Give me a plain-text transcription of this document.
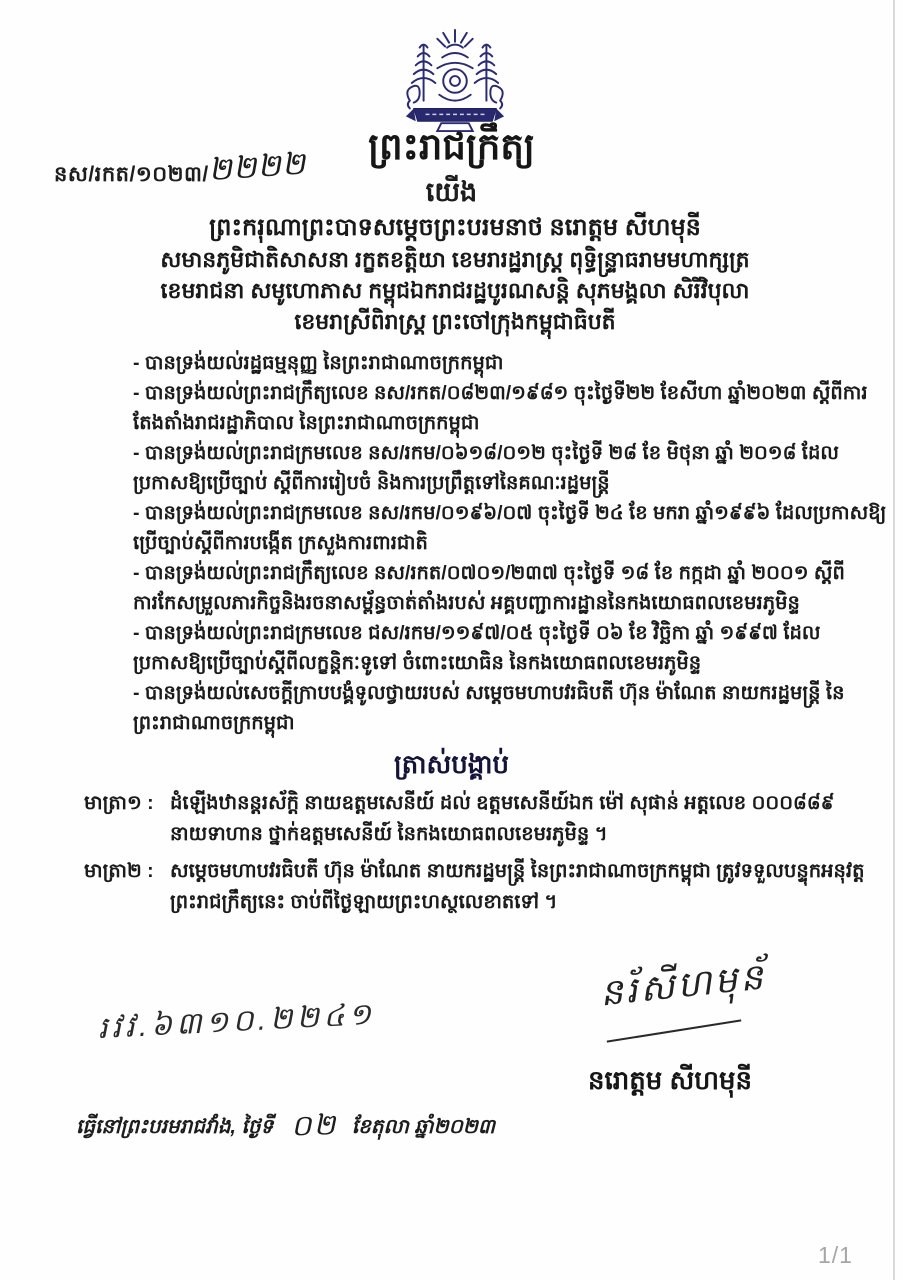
នស/រកត/១០២៣/២២២២	ព្រះរាជក្រឹត្យ
យើង
ព្រះករុណាព្រះបាទសម្តេចព្រះបរមនាថ នរោត្តម សីហមុនី
សមានភូមិជាតិសាសនា រក្ខតខត្តិយា ខេមរារដ្ឋរាស្ត្រ ពុទ្ធិន្ទ្រាធរាមមហាក្សត្រ
ខេមរាជនា សមូហោភាស កម្ពុជឯករាជរដ្ឋបូរណសន្តិ សុភមង្គលា សិរីវិបុលា
ខេមរាស្រីពិរាស្ត្រ ព្រះចៅក្រុងកម្ពុជាធិបតី
- បានទ្រង់យល់រដ្ឋធម្មនុញ្ញ នៃព្រះរាជាណាចក្រកម្ពុជា
- បានទ្រង់យល់ព្រះរាជក្រឹត្យលេខ នស/រកត/០៨២៣/១៩៨១ ចុះថ្ងៃទី២២ ខែសីហា ឆ្នាំ២០២៣ ស្តីពីការតែងតាំងរាជរដ្ឋាភិបាល នៃព្រះរាជាណាចក្រកម្ពុជា
- បានទ្រង់យល់ព្រះរាជក្រមលេខ នស/រកម/០៦១៨/០១២ ចុះថ្ងៃទី ២៨ ខែ មិថុនា ឆ្នាំ ២០១៨ ដែលប្រកាសឱ្យប្រើច្បាប់ ស្តីពីការរៀបចំ និងការប្រព្រឹត្តទៅនៃគណៈរដ្ឋមន្ត្រី
- បានទ្រង់យល់ព្រះរាជក្រមលេខ នស/រកម/០១៩៦/០៧ ចុះថ្ងៃទី ២៤ ខែ មករា ឆ្នាំ១៩៩៦ ដែលប្រកាសឱ្យប្រើច្បាប់ស្តីពីការបង្កើត ក្រសួងការពារជាតិ
- បានទ្រង់យល់ព្រះរាជក្រឹត្យលេខ នស/រកត/០៧០១/២៣៧ ចុះថ្ងៃទី ១៨ ខែ កក្កដា ឆ្នាំ ២០០១ ស្តីពីការកែសម្រួលភារកិច្ចនិងរចនាសម្ព័ន្ធចាត់តាំងរបស់ អគ្គបញ្ជាការដ្ឋាននៃកងយោធពលខេមរភូមិន្ទ
- បានទ្រង់យល់ព្រះរាជក្រមលេខ ជស/រកម/១១៩៧/០៥ ចុះថ្ងៃទី ០៦ ខែ វិច្ឆិកា ឆ្នាំ ១៩៩៧ ដែលប្រកាសឱ្យប្រើច្បាប់ស្តីពីលក្ខន្តិកៈទូទៅ ចំពោះយោធិន នៃកងយោធពលខេមរភូមិន្ទ
- បានទ្រង់យល់សេចក្តីក្រាបបង្គំទូលថ្វាយរបស់ សម្តេចមហាបវរធិបតី ហ៊ុន ម៉ាណែត នាយករដ្ឋមន្ត្រី នៃព្រះរាជាណាចក្រកម្ពុជា
ត្រាស់បង្គាប់
មាត្រា១ : ដំឡើងឋានន្តរស័ក្តិ នាយឧត្តមសេនីយ៍ ដល់ ឧត្តមសេនីយ៍ឯក ម៉ៅ សុផាន់ អត្តលេខ ០០០៨៨៩ នាយទាហាន ថ្នាក់ឧត្តមសេនីយ៍ នៃកងយោធពលខេមរភូមិន្ទ ។
មាត្រា២ : សម្តេចមហាបវរធិបតី ហ៊ុន ម៉ាណែត នាយករដ្ឋមន្ត្រី នៃព្រះរាជាណាចក្រកម្ពុជា ត្រូវទទួលបន្ទុកអនុវត្តព្រះរាជក្រឹត្យនេះ ចាប់ពីថ្ងៃឡាយព្រះហស្ថលេខាតទៅ ។
នរ័សីហមុន័
នរោត្តម សីហមុនី
រវវ.៦៣១០.២២៤១
ធ្វើនៅព្រះបរមរាជវាំង, ថ្ងៃទី ០២ ខែតុលា ឆ្នាំ២០២៣
1/1
